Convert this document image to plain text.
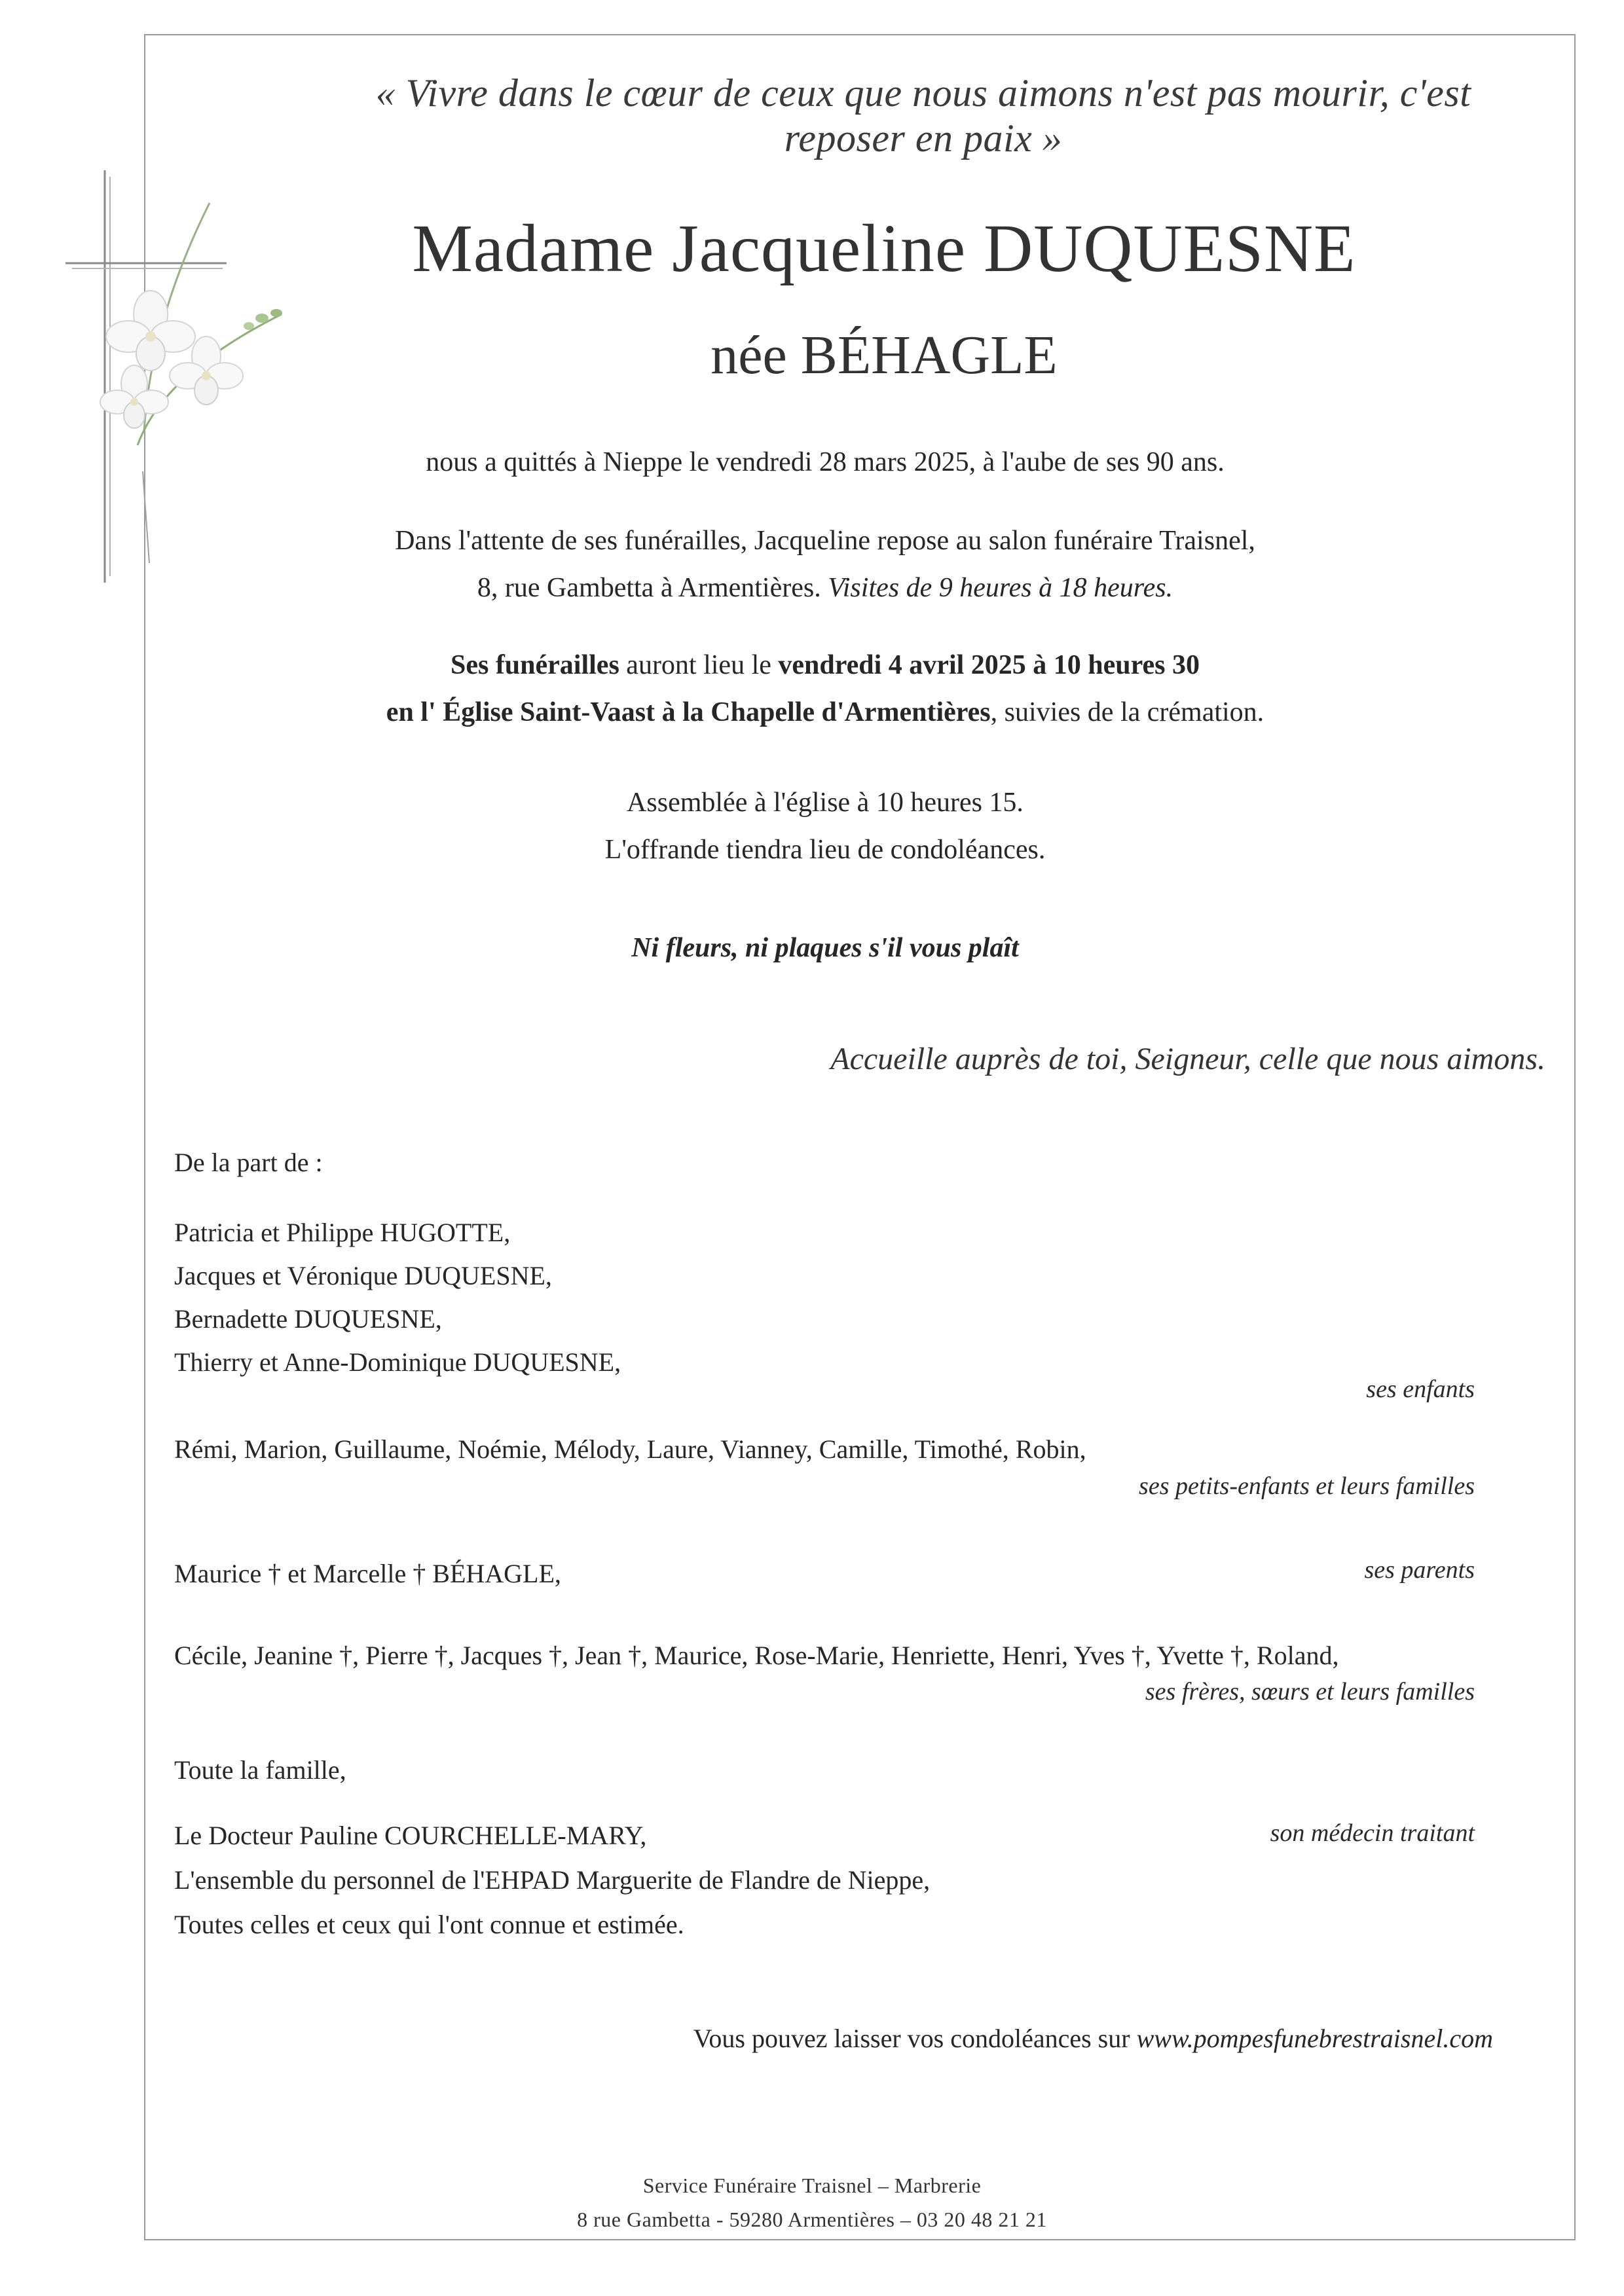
« Vivre dans le cœur de ceux que nous aimons n'est pas mourir, c'est reposer en paix »
Madame Jacqueline DUQUESNE
née BÉHAGLE
nous a quittés à Nieppe le vendredi 28 mars 2025, à l'aube de ses 90 ans.
Dans l'attente de ses funérailles, Jacqueline repose au salon funéraire Traisnel,
8, rue Gambetta à Armentières. Visites de 9 heures à 18 heures.
Ses funérailles auront lieu le vendredi 4 avril 2025 à 10 heures 30
en l' Église Saint-Vaast à la Chapelle d'Armentières, suivies de la crémation.
Assemblée à l'église à 10 heures 15.
L'offrande tiendra lieu de condoléances.
Ni fleurs, ni plaques s'il vous plaît
Accueille auprès de toi, Seigneur, celle que nous aimons.
De la part de :
Patricia et Philippe HUGOTTE,
Jacques et Véronique DUQUESNE,
Bernadette DUQUESNE,
Thierry et Anne-Dominique DUQUESNE,
ses enfants
Rémi, Marion, Guillaume, Noémie, Mélody, Laure, Vianney, Camille, Timothé, Robin,
ses petits-enfants et leurs familles
Maurice † et Marcelle † BÉHAGLE,	ses parents
Cécile, Jeanine †, Pierre †, Jacques †, Jean †, Maurice, Rose-Marie, Henriette, Henri, Yves †, Yvette †, Roland,
ses frères, sœurs et leurs familles
Toute la famille,
Le Docteur Pauline COURCHELLE-MARY,	son médecin traitant
L'ensemble du personnel de l'EHPAD Marguerite de Flandre de Nieppe,
Toutes celles et ceux qui l'ont connue et estimée.
Vous pouvez laisser vos condoléances sur www.pompesfunebrestraisnel.com
Service Funéraire Traisnel – Marbrerie
8 rue Gambetta - 59280 Armentières – 03 20 48 21 21
